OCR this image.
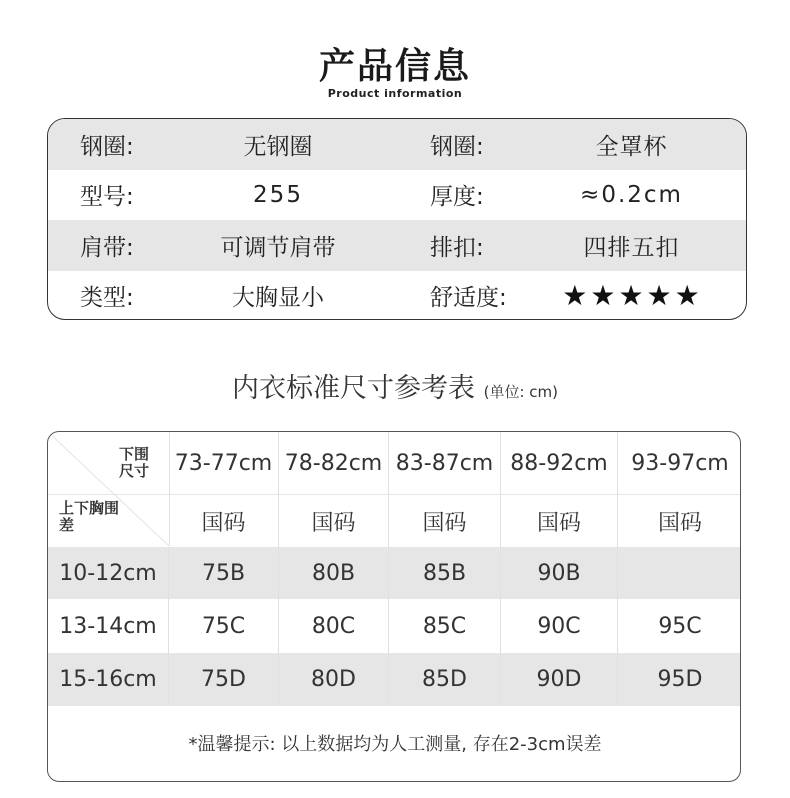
产品信息
Product information
钢圈:	无钢圈	钢圈:	全罩杯
型号:	255	厚度:	≈0.2cm
肩带:	可调节肩带	排扣:	四排五扣
类型:	大胸显小	舒适度:	★ ★ ★ ★ ★
内衣标准尺寸参考表 (单位: cm)
下围尺寸
上下胸围差
73-77cm 78-82cm 83-87cm 88-92cm	93-97cm
国码	国码	国码	国码	国码
10-12cm	75B	80B	85B	90B
13-14cm	75C	80C	85C	90C	95C
15-16cm	75D	80D	85D	90D	95D
*温馨提示: 以上数据均为人工测量, 存在2-3cm误差
